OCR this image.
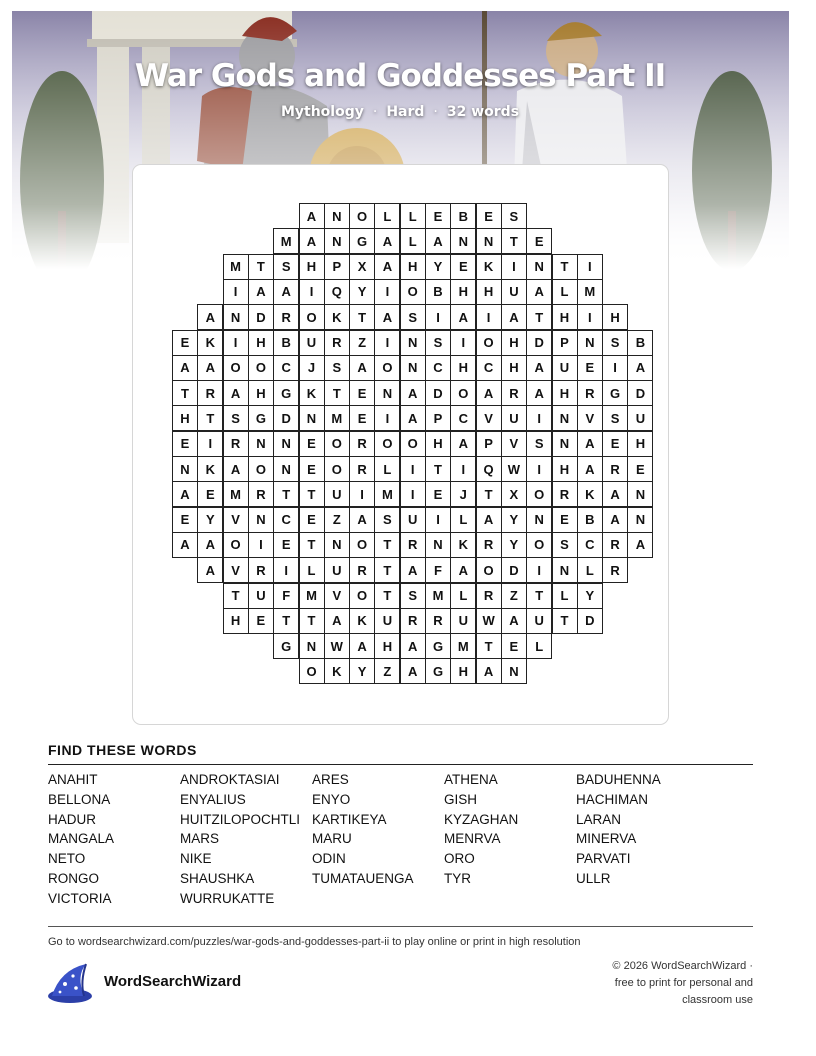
War Gods and Goddesses Part II
Mythology · Hard · 32 words
A	N	O	L	L	E	B	E	S
M	A	N	G	A	L	A	N	N	T	E
M	T	S	H	P	X	A	H	Y	E	K	I	N	T	I
I	A	A	I	Q	Y	I	O	B	H	H	U	A	L	M
A	N	D	R	O	K	T	A	S	I	A	I	A	T	H	I	H
E	K	I	H	B	U	R	Z	I	N	S	I	O	H	D	P	N	S	B
A	A	O	O	C	J	S	A	O	N	C	H	C	H	A	U	E	I	A
T	R	A	H	G	K	T	E	N	A	D	O	A	R	A	H	R	G	D
H	T	S	G	D	N	M	E	I	A	P	C	V	U	I	N	V	S	U
E	I	R	N	N	E	O	R	O	O	H	A	P	V	S	N	A	E	H
N	K	A	O	N	E	O	R	L	I	T	I	Q	W	I	H	A	R	E
A	E	M	R	T	T	U	I	M	I	E	J	T	X	O	R	K	A	N
E	Y	V	N	C	E	Z	A	S	U	I	L	A	Y	N	E	B	A	N
A	A	O	I	E	T	N	O	T	R	N	K	R	Y	O	S	C	R	A
A	V	R	I	L	U	R	T	A	F	A	O	D	I	N	L	R
T	U	F	M	V	O	T	S	M	L	R	Z	T	L	Y
H	E	T	T	A	K	U	R	R	U	W	A	U	T	D
G	N	W	A	H	A	G	M	T	E	L
O	K	Y	Z	A	G	H	A	N
FIND THESE WORDS
ANAHIT	ANDROKTASIAI ARES	ATHENA	BADUHENNA
BELLONA	ENYALIUS	ENYO	GISH	HACHIMAN
HADUR	HUITZILOPOCHTLI KARTIKEYA	KYZAGHAN	LARAN
MANGALA	MARS	MARU	MENRVA	MINERVA
NETO	NIKE	ODIN	ORO	PARVATI
RONGO	SHAUSHKA	TUMATAUENGA TYR	ULLR
VICTORIA	WURRUKATTE
Go to wordsearchwizard.com/puzzles/war-gods-and-goddesses-part-ii to play online or print in high resolution
WordSearchWizard
© 2026 WordSearchWizard ·
free to print for personal and
classroom use
